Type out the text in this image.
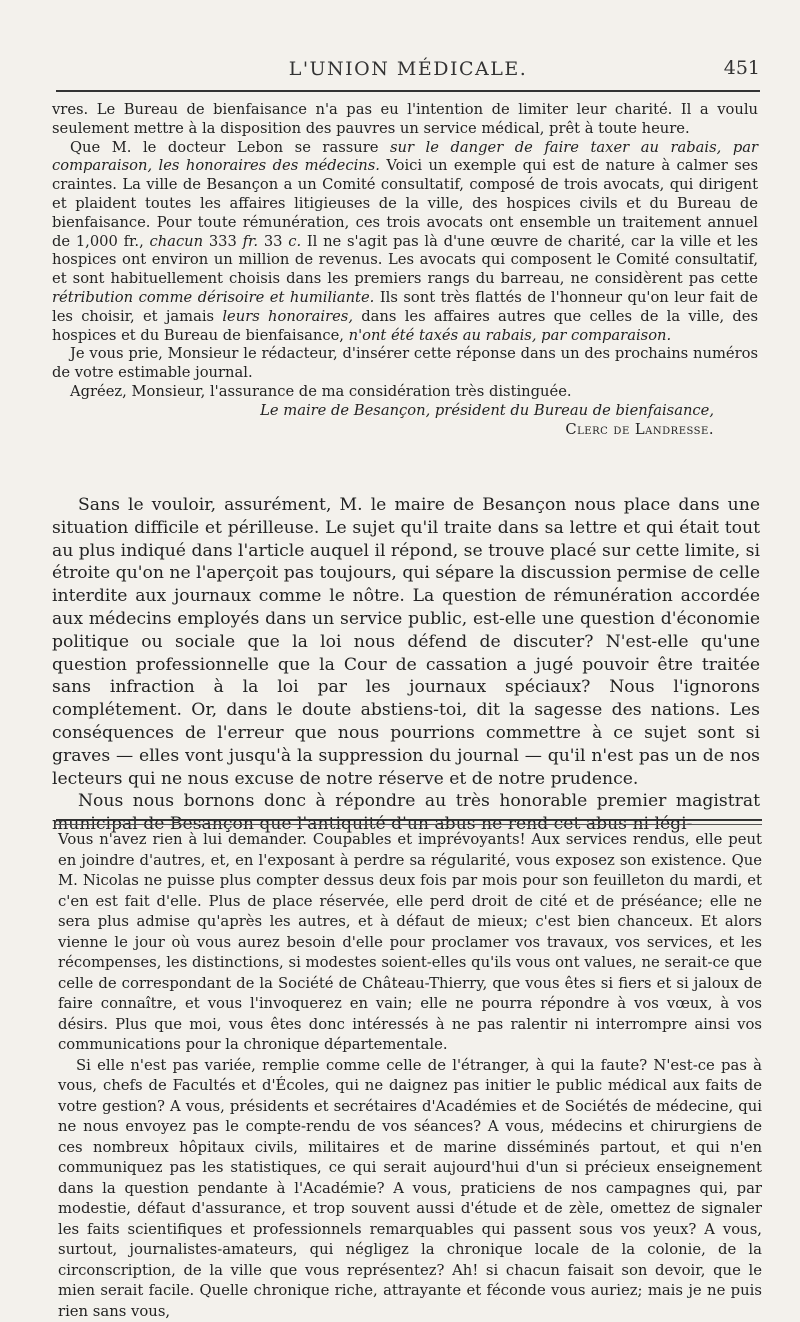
L'UNION MÉDICALE.	451

vres. Le Bureau de bienfaisance n'a pas eu l'intention de limiter leur charité. Il a voulu seulement mettre à la disposition des pauvres un service médical, prêt à toute heure.

Que M. le docteur Lebon se rassure sur le danger de faire taxer au rabais, par comparaison, les honoraires des médecins. Voici un exemple qui est de nature à calmer ses craintes. La ville de Besançon a un Comité consultatif, composé de trois avocats, qui dirigent et plaident toutes les affaires litigieuses de la ville, des hospices civils et du Bureau de bienfaisance. Pour toute rémunération, ces trois avocats ont ensemble un traitement annuel de 1,000 fr., chacun 333 fr. 33 c. Il ne s'agit pas là d'une œuvre de charité, car la ville et les hospices ont environ un million de revenus. Les avocats qui composent le Comité consultatif, et sont habituellement choisis dans les premiers rangs du barreau, ne considèrent pas cette rétribution comme dérisoire et humiliante. Ils sont très flattés de l'honneur qu'on leur fait de les choisir, et jamais leurs honoraires, dans les affaires autres que celles de la ville, des hospices et du Bureau de bienfaisance, n'ont été taxés au rabais, par comparaison.

Je vous prie, Monsieur le rédacteur, d'insérer cette réponse dans un des prochains numéros de votre estimable journal.

Agréez, Monsieur, l'assurance de ma considération très distinguée.

Le maire de Besançon, président du Bureau de bienfaisance,

Clerc de Landresse.

Sans le vouloir, assurément, M. le maire de Besançon nous place dans une situation difficile et périlleuse. Le sujet qu'il traite dans sa lettre et qui était tout au plus indiqué dans l'article auquel il répond, se trouve placé sur cette limite, si étroite qu'on ne l'aperçoit pas toujours, qui sépare la discussion permise de celle interdite aux journaux comme le nôtre. La question de rémunération accordée aux médecins employés dans un service public, est-elle une question d'économie politique ou sociale que la loi nous défend de discuter? N'est-elle qu'une question professionnelle que la Cour de cassation a jugé pouvoir être traitée sans infraction à la loi par les journaux spéciaux? Nous l'ignorons complétement. Or, dans le doute abstiens-toi, dit la sagesse des nations. Les conséquences de l'erreur que nous pourrions commettre à ce sujet sont si graves — elles vont jusqu'à la suppression du journal — qu'il n'est pas un de nos lecteurs qui ne nous excuse de notre réserve et de notre prudence.

Nous nous bornons donc à répondre au très honorable premier magistrat municipal de Besançon que l'antiquité d'un abus ne rend cet abus ni légi-

Vous n'avez rien à lui demander. Coupables et imprévoyants! Aux services rendus, elle peut en joindre d'autres, et, en l'exposant à perdre sa régularité, vous exposez son existence. Que M. Nicolas ne puisse plus compter dessus deux fois par mois pour son feuilleton du mardi, et c'en est fait d'elle. Plus de place réservée, elle perd droit de cité et de préséance; elle ne sera plus admise qu'après les autres, et à défaut de mieux; c'est bien chanceux. Et alors vienne le jour où vous aurez besoin d'elle pour proclamer vos travaux, vos services, et les récompenses, les distinctions, si modestes soient-elles qu'ils vous ont values, ne serait-ce que celle de correspondant de la Société de Château-Thierry, que vous êtes si fiers et si jaloux de faire connaître, et vous l'invoquerez en vain; elle ne pourra répondre à vos vœux, à vos désirs. Plus que moi, vous êtes donc intéressés à ne pas ralentir ni interrompre ainsi vos communications pour la chronique départementale.

Si elle n'est pas variée, remplie comme celle de l'étranger, à qui la faute? N'est-ce pas à vous, chefs de Facultés et d'Écoles, qui ne daignez pas initier le public médical aux faits de votre gestion? A vous, présidents et secrétaires d'Académies et de Sociétés de médecine, qui ne nous envoyez pas le compte-rendu de vos séances? A vous, médecins et chirurgiens de ces nombreux hôpitaux civils, militaires et de marine disséminés partout, et qui n'en communiquez pas les statistiques, ce qui serait aujourd'hui d'un si précieux enseignement dans la question pendante à l'Académie? A vous, praticiens de nos campagnes qui, par modestie, défaut d'assurance, et trop souvent aussi d'étude et de zèle, omettez de signaler les faits scientifiques et professionnels remarquables qui passent sous vos yeux? A vous, surtout, journalistes-amateurs, qui négligez la chronique locale de la colonie, de la circonscription, de la ville que vous représentez? Ah! si chacun faisait son devoir, que le mien serait facile. Quelle chronique riche, attrayante et féconde vous auriez; mais je ne puis rien sans vous,
